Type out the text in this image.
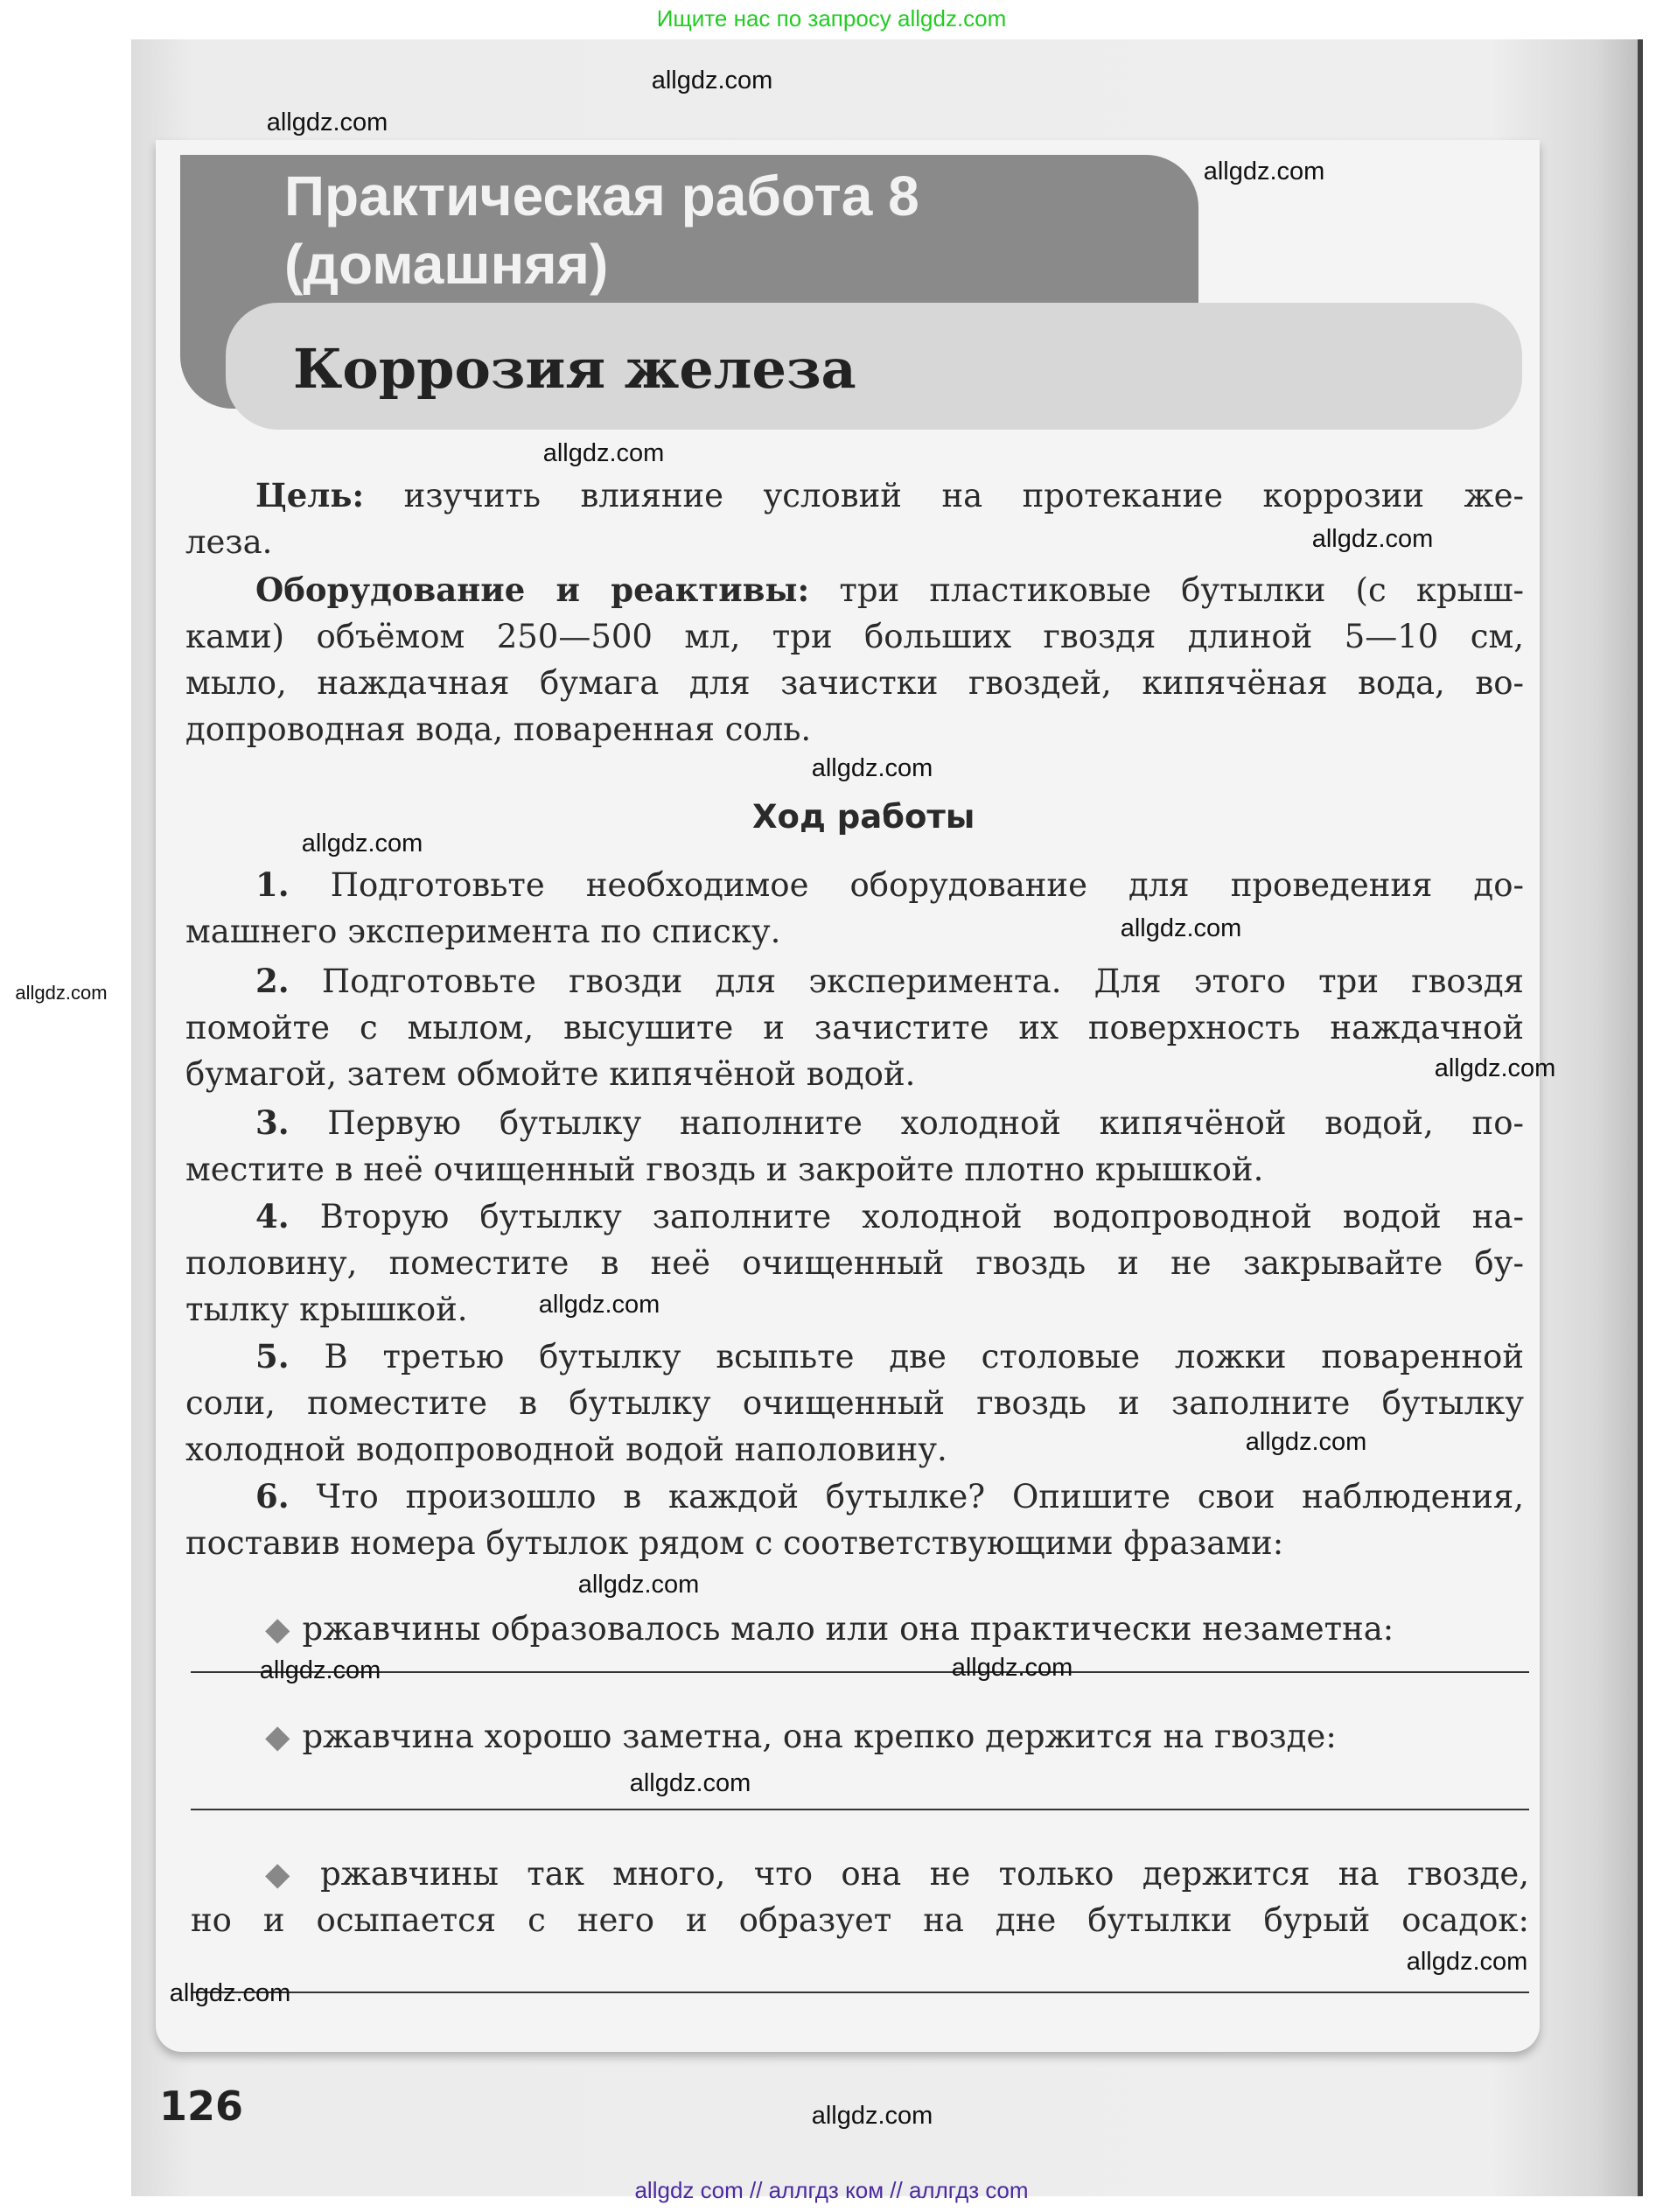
Ищите нас по запросу allgdz.com
Практическая работа 8
(домашняя)
Коррозия железа
Цель: изучить влияние условий на протекание коррозии же-
леза.
Оборудование и реактивы: три пластиковые бутылки (с крыш-
ками) объёмом 250—500 мл, три больших гвоздя длиной 5—10 см,
мыло, наждачная бумага для зачистки гвоздей, кипячёная вода, во-
допроводная вода, поваренная соль.
Ход работы
1. Подготовьте необходимое оборудование для проведения до-
машнего эксперимента по списку.
2. Подготовьте гвозди для эксперимента. Для этого три гвоздя
помойте с мылом, высушите и зачистите их поверхность наждачной
бумагой, затем обмойте кипячёной водой.
3. Первую бутылку наполните холодной кипячёной водой, по-
местите в неё очищенный гвоздь и закройте плотно крышкой.
4. Вторую бутылку заполните холодной водопроводной водой на-
половину, поместите в неё очищенный гвоздь и не закрывайте бу-
тылку крышкой.
5. В третью бутылку всыпьте две столовые ложки поваренной
соли, поместите в бутылку очищенный гвоздь и заполните бутылку
холодной водопроводной водой наполовину.
6. Что произошло в каждой бутылке? Опишите свои наблюдения,
поставив номера бутылок рядом с соответствующими фразами:
◆ ржавчины образовалось мало или она практически незаметна:
◆ ржавчина хорошо заметна, она крепко держится на гвозде:
◆ ржавчины так много, что она не только держится на гвозде,
но и осыпается с него и образует на дне бутылки бурый осадок:
126
allgdz.com
allgdz.com
allgdz.com
allgdz.com
allgdz.com
allgdz.com
allgdz.com
allgdz.com
allgdz.com
allgdz.com
allgdz.com
allgdz.com
allgdz.com
allgdz.com
allgdz.com
allgdz.com
allgdz.com
allgdz.com
allgdz.com
allgdz com // аллгдз ком // аллгдз com
